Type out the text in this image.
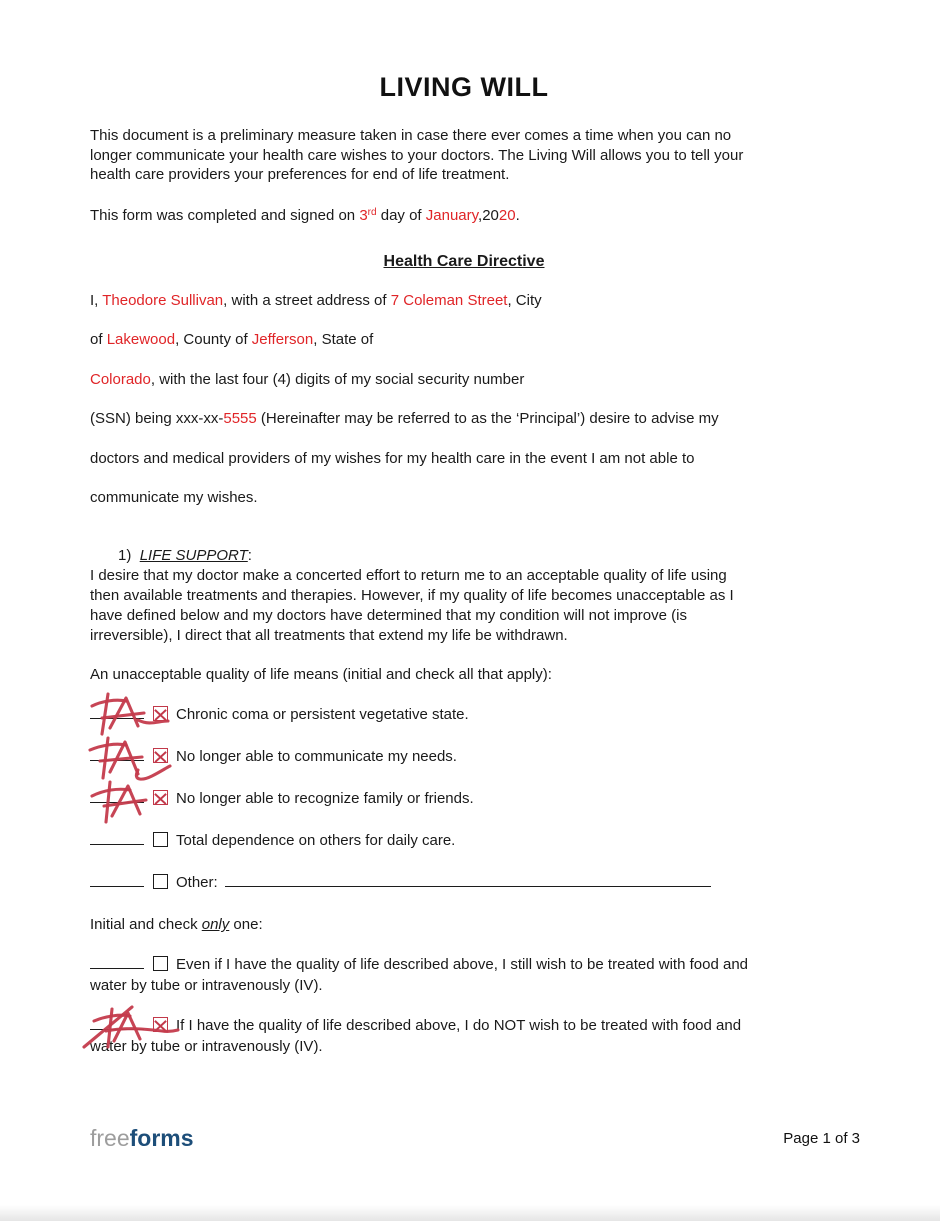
LIVING WILL

This document is a preliminary measure taken in case there ever comes a time when you can no
longer communicate your health care wishes to your doctors. The Living Will allows you to tell your
health care providers your preferences for end of life treatment.

This form was completed and signed on 3rd day of January,2020.

Health Care Directive
I, Theodore Sullivan, with a street address of 7 Coleman Street, City
of Lakewood, County of Jefferson, State of
Colorado, with the last four (4) digits of my social security number
(SSN) being xxx-xx-5555 (Hereinafter may be referred to as the ‘Principal’) desire to advise my
doctors and medical providers of my wishes for my health care in the event I am not able to
communicate my wishes.

1)  LIFE SUPPORT:

I desire that my doctor make a concerted effort to return me to an acceptable quality of life using
then available treatments and therapies. However, if my quality of life becomes unacceptable as I
have defined below and my doctors have determined that my condition will not improve (is
irreversible), I direct that all treatments that extend my life be withdrawn.

An unacceptable quality of life means (initial and check all that apply):

Chronic coma or persistent vegetative state.
No longer able to communicate my needs.
No longer able to recognize family or friends.
Total dependence on others for daily care.
Other:

Initial and check only one:

Even if I have the quality of life described above, I still wish to be treated with food and
water by tube or intravenously (IV).
If I have the quality of life described above, I do NOT wish to be treated with food and
water by tube or intravenously (IV).
freeforms	Page 1 of 3
